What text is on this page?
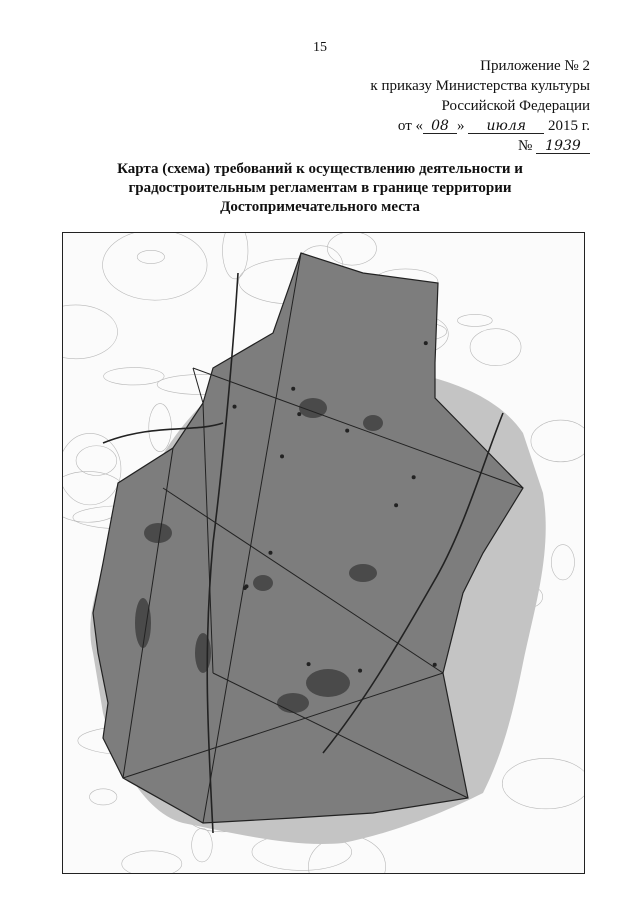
15
Приложение № 2
к приказу Министерства культуры
Российской Федерации
от « 08 » июля 2015 г.
№ 1939
Карта (схема) требований к осуществлению деятельности и
градостроительным регламентам в границе территории
Достопримечательного места
